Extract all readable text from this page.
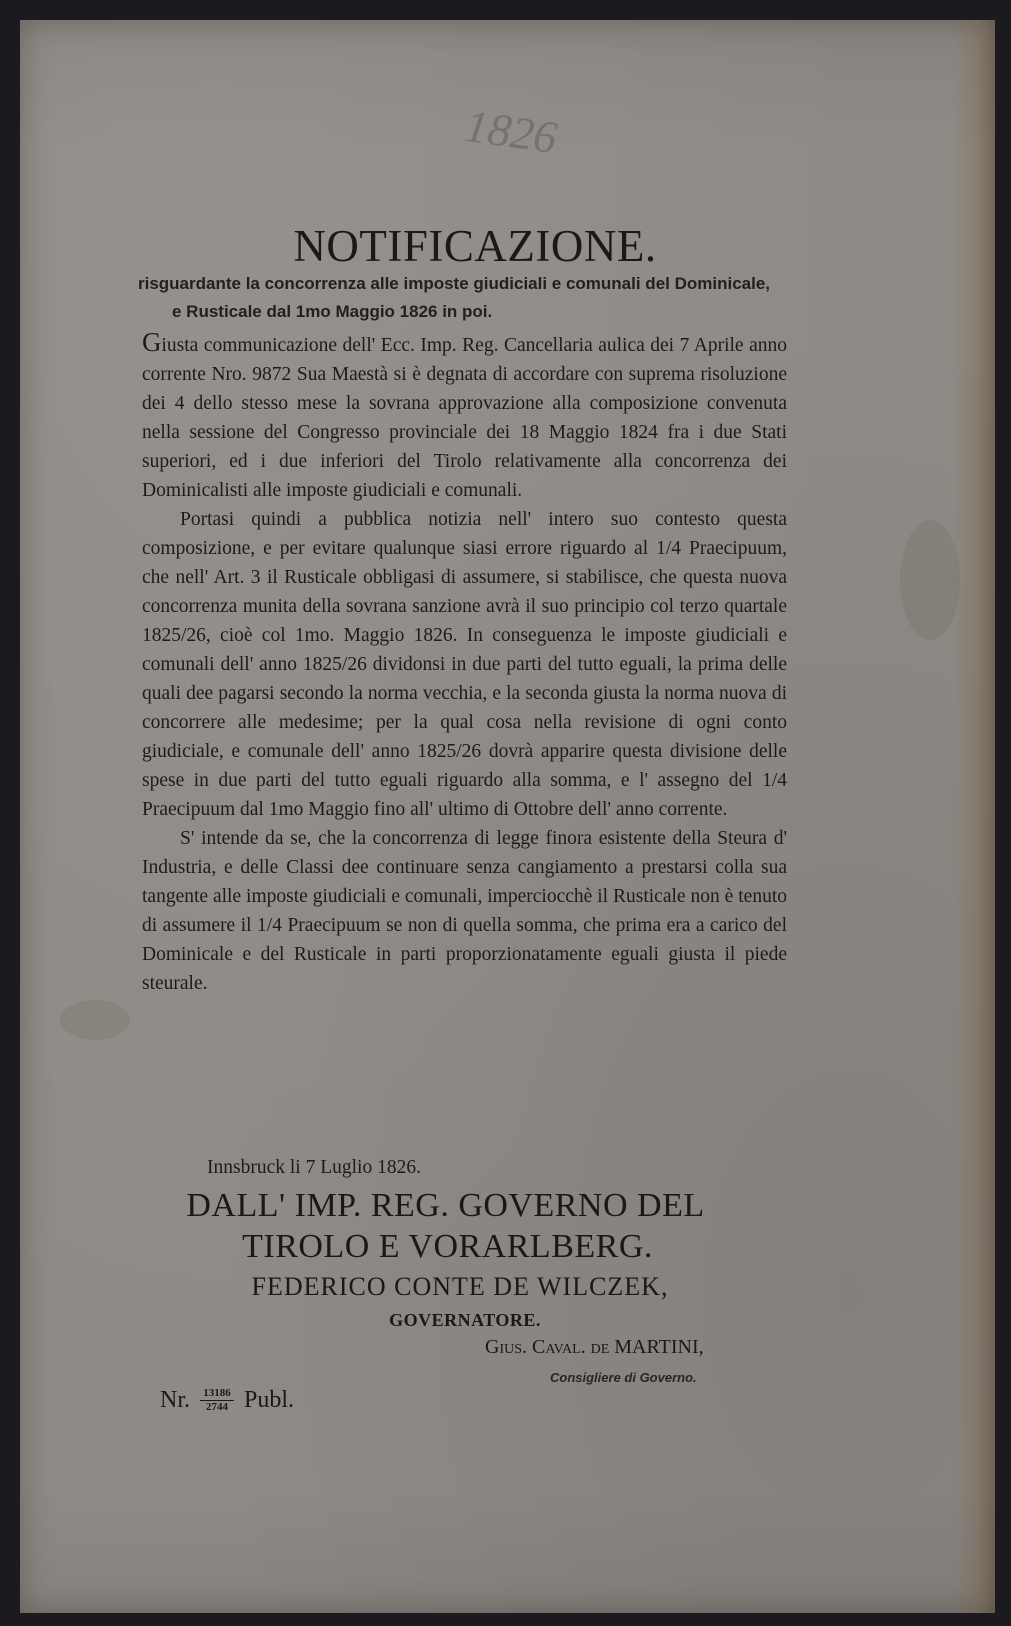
1826
NOTIFICAZIONE.
risguardante la concorrenza alle imposte giudiciali e comunali del Dominicale,
e Rusticale dal 1mo Maggio 1826 in poi.

Giusta communicazione dell' Ecc. Imp. Reg. Cancellaria aulica dei 7 Aprile anno corrente Nro. 9872 Sua Maestà si è degnata di accordare con suprema risoluzione dei 4 dello stesso mese la sovrana approvazione alla composizione convenuta nella sessione del Congresso provinciale dei 18 Maggio 1824 fra i due Stati superiori, ed i due inferiori del Tirolo relativamente alla concorrenza dei Dominicalisti alle imposte giudiciali e comunali.

Portasi quindi a pubblica notizia nell' intero suo contesto questa composizione, e per evitare qualunque siasi errore riguardo al 1/4 Praecipuum, che nell' Art. 3 il Rusticale obbligasi di assumere, si stabilisce, che questa nuova concorrenza munita della sovrana sanzione avrà il suo principio col terzo quartale 1825/26, cioè col 1mo. Maggio 1826. In conseguenza le imposte giudiciali e comunali dell' anno 1825/26 dividonsi in due parti del tutto eguali, la prima delle quali dee pagarsi secondo la norma vecchia, e la seconda giusta la norma nuova di concorrere alle medesime; per la qual cosa nella revisione di ogni conto giudiciale, e comunale dell' anno 1825/26 dovrà apparire questa divisione delle spese in due parti del tutto eguali riguardo alla somma, e l' assegno del 1/4 Praecipuum dal 1mo Maggio fino all' ultimo di Ottobre dell' anno corrente.

S' intende da se, che la concorrenza di legge finora esistente della Steura d' Industria, e delle Classi dee continuare senza cangiamento a prestarsi colla sua tangente alle imposte giudiciali e comunali, imperciocchè il Rusticale non è tenuto di assumere il 1/4 Praecipuum se non di quella somma, che prima era a carico del Dominicale e del Rusticale in parti proporzionatamente eguali giusta il piede steurale.

Innsbruck li 7 Luglio 1826.
DALL' IMP. REG. GOVERNO DEL
TIROLO E VORARLBERG.
FEDERICO CONTE DE WILCZEK,
GOVERNATORE.
Gius. Caval. de MARTINI,
Consigliere di Governo.
Nr. $\frac{13186}{2744}$ Publ.
